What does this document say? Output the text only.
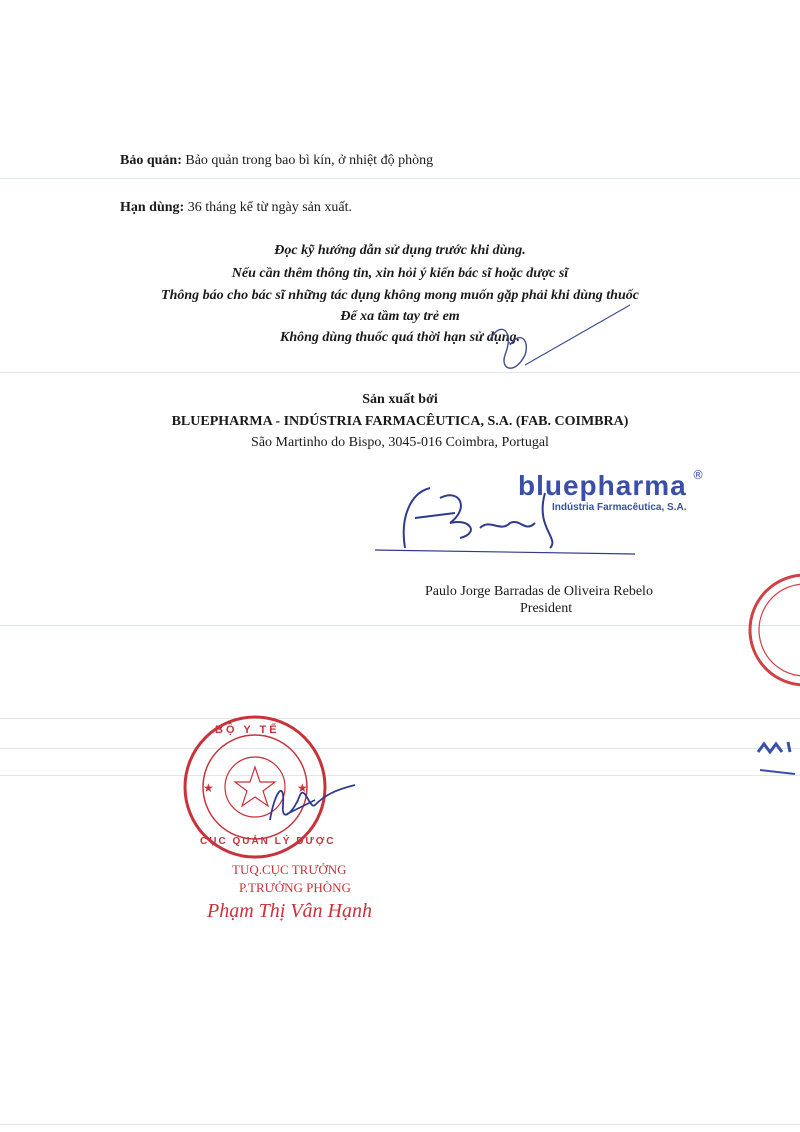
Bảo quản: Bảo quản trong bao bì kín, ở nhiệt độ phòng
Hạn dùng: 36 tháng kể từ ngày sản xuất.
Đọc kỹ hướng dẫn sử dụng trước khi dùng.
Nếu cần thêm thông tin, xin hỏi ý kiến bác sĩ hoặc dược sĩ
Thông báo cho bác sĩ những tác dụng không mong muốn gặp phải khi dùng thuốc
Để xa tầm tay trẻ em
Không dùng thuốc quá thời hạn sử dụng.
Sản xuất bởi
BLUEPHARMA - INDÚSTRIA FARMACÊUTICA, S.A. (FAB. COIMBRA)
São Martinho do Bispo, 3045-016 Coimbra, Portugal
bluepharma ®
Indústria Farmacêutica, S.A.
Paulo Jorge Barradas de Oliveira Rebelo
President
★	★
BỘ Y TẾ
CỤC QUẢN LÝ DƯỢC
TUQ.CỤC TRƯỞNG
P.TRƯỞNG PHÒNG
Phạm Thị Vân Hạnh
